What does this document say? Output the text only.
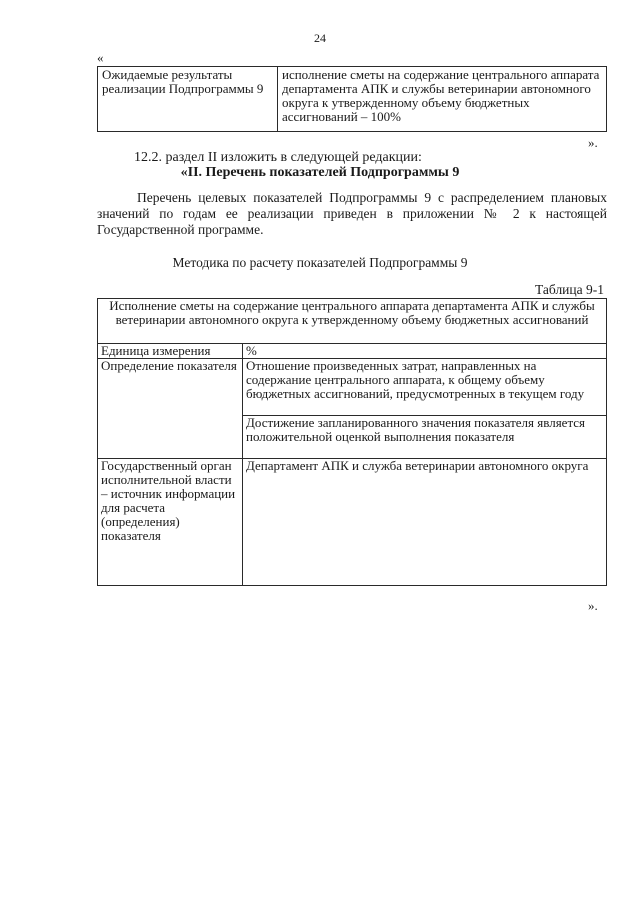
24
«
Ожидаемые результаты реализации Подпрограммы 9	исполнение сметы на содержание центрального аппарата департамента АПК и службы ветеринарии автономного округа к утвержденному объему бюджетных ассигнований – 100%
».
12.2. раздел II изложить в следующей редакции:
«II. Перечень показателей Подпрограммы 9
Перечень целевых показателей Подпрограммы 9 с распределением плановых значений по годам ее реализации приведен в приложении № 2 к настоящей Государственной программе.
Методика по расчету показателей Подпрограммы 9
Таблица 9-1
Исполнение сметы на содержание центрального аппарата департамента АПК и службы ветеринарии автономного округа к утвержденному объему бюджетных ассигнований	
Единица измерения	%
Определение показателя	Отношение произведенных затрат, направленных на содержание центрального аппарата, к общему объему бюджетных ассигнований, предусмотренных в текущем году
	Достижение запланированного значения показателя является положительной оценкой выполнения показателя
Государственный орган исполнительной власти – источник информации для расчета (определения) показателя	Департамент АПК и служба ветеринарии автономного округа
».
